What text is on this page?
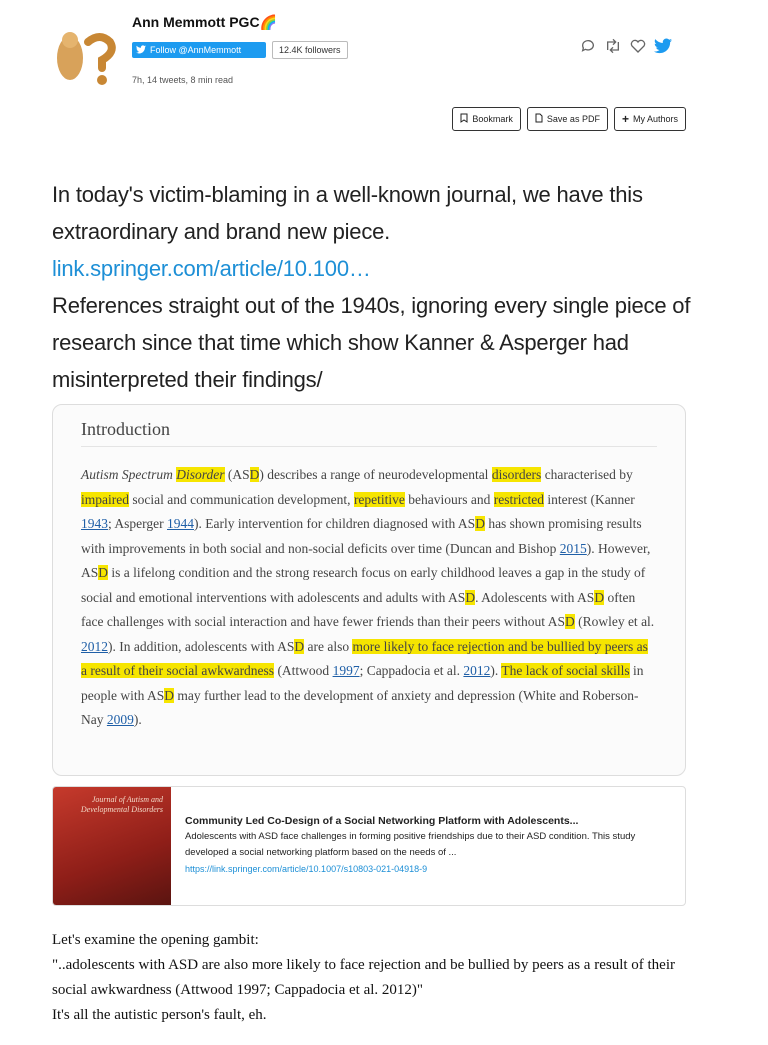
Ann Memmott PGC🌈
Follow @AnnMemmott	12.4K followers
7h, 14 tweets, 8 min read
Bookmark	Save as PDF + My Authors

In today's victim-blaming in a well-known journal, we have this extraordinary and brand new piece.

link.springer.com/article/10.100…

References straight out of the 1940s, ignoring every single piece of research since that time which show Kanner & Asperger had misinterpreted their findings/

Introduction
Autism Spectrum Disorder (ASD) describes a range of neurodevelopmental disorders characterised by impaired social and communication development, repetitive behaviours and restricted interest (Kanner 1943; Asperger 1944). Early intervention for children diagnosed with ASD has shown promising results with improvements in both social and non-social deficits over time (Duncan and Bishop 2015). However, ASD is a lifelong condition and the strong research focus on early childhood leaves a gap in the study of social and emotional interventions with adolescents and adults with ASD. Adolescents with ASD often face challenges with social interaction and have fewer friends than their peers without ASD (Rowley et al. 2012). In addition, adolescents with ASD are also more likely to face rejection and be bullied by peers as a result of their social awkwardness (Attwood 1997; Cappadocia et al. 2012). The lack of social skills in people with ASD may further lead to the development of anxiety and depression (White and Roberson-Nay 2009).
Journal of Autism and Developmental Disorders
Community Led Co-Design of a Social Networking Platform with Adolescents...
Adolescents with ASD face challenges in forming positive friendships due to their ASD condition. This study developed a social networking platform based on the needs of ...
https://link.springer.com/article/10.1007/s10803-021-04918-9

Let's examine the opening gambit:

"..adolescents with ASD are also more likely to face rejection and be bullied by peers as a result of their social awkwardness (Attwood 1997; Cappadocia et al. 2012)"

It's all the autistic person's fault, eh.
